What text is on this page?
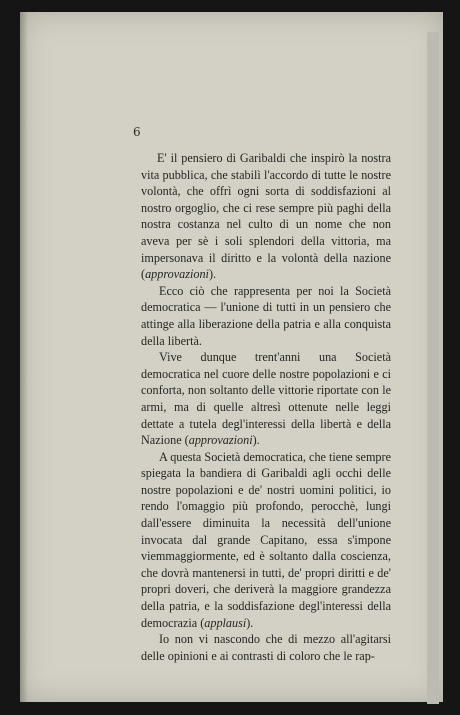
6

E' il pensiero di Garibaldi che inspirò la nostra vita pubblica, che stabilì l'accordo di tutte le nostre volontà, che offrì ogni sorta di soddisfazioni al nostro orgoglio, che ci rese sempre più paghi della nostra costanza nel culto di un nome che non aveva per sè i soli splendori della vittoria, ma impersonava il diritto e la volontà della nazione (approvazioni).

Ecco ciò che rappresenta per noi la Società democratica — l'unione di tutti in un pensiero che attinge alla liberazione della patria e alla conquista della libertà.

Vive dunque trent'anni una Società democratica nel cuore delle nostre popolazioni e ci conforta, non soltanto delle vittorie riportate con le armi, ma di quelle altresì ottenute nelle leggi dettate a tutela degl'interessi della libertà e della Nazione (approvazioni).

A questa Società democratica, che tiene sempre spiegata la bandiera di Garibaldi agli occhi delle nostre popolazioni e de' nostri uomini politici, io rendo l'omaggio più profondo, perocchè, lungi dall'essere diminuita la necessità dell'unione invocata dal grande Capitano, essa s'impone viemmaggiormente, ed è soltanto dalla coscienza, che dovrà mantenersi in tutti, de' propri diritti e de' propri doveri, che deriverà la maggiore grandezza della patria, e la soddisfazione degl'interessi della democrazia (applausi).

Io non vi nascondo che di mezzo all'agitarsi delle opinioni e ai contrasti di coloro che le rap-
